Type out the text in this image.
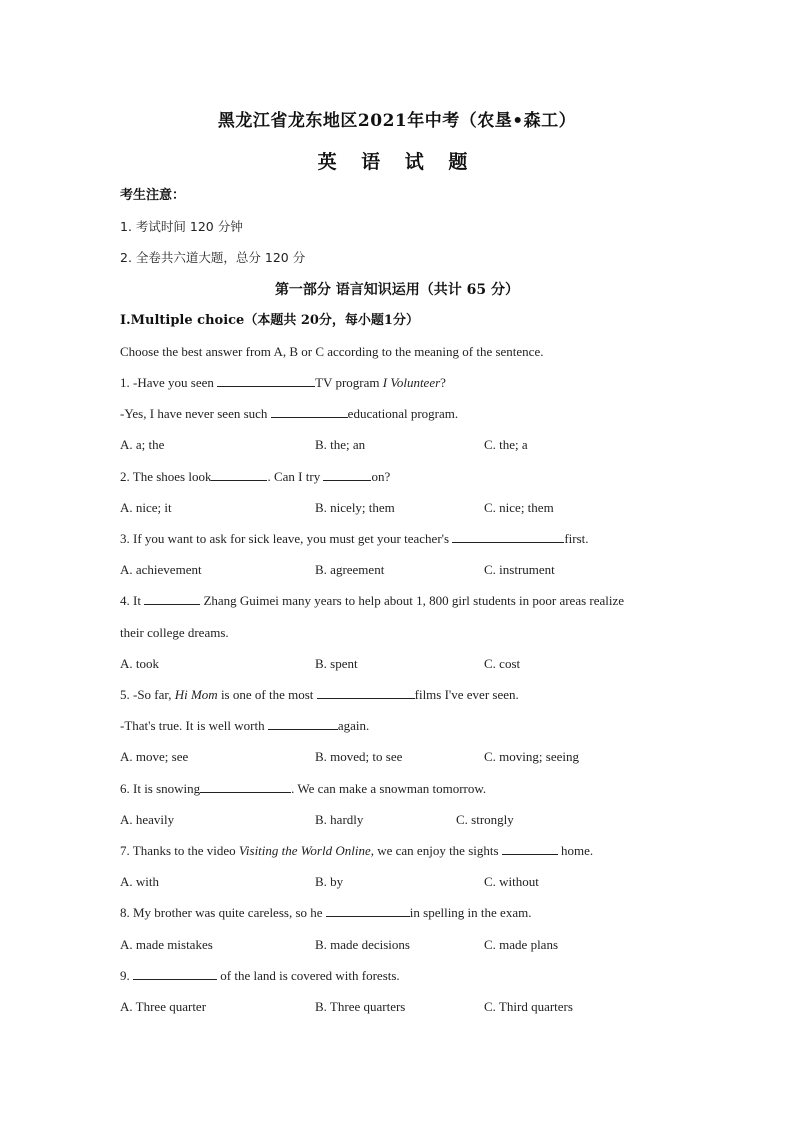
黑龙江省龙东地区2021年中考（农垦•森工）
英 语 试 题
考生注意：
1. 考试时间 120 分钟
2. 全卷共六道大题，总分 120 分
第一部分 语言知识运用（共计 65 分）
I.Multiple choice（本题共 20分，每小题1分）
Choose the best answer from A, B or C according to the meaning of the sentence.
1. -Have you seen	TV program I Volunteer?
-Yes, I have never seen such	educational program.
A. a; the	B. the; an	C. the; a
2. The shoes look	. Can I try	on?
A. nice; it	B. nicely; them	C. nice; them
3. If you want to ask for sick leave, you must get your teacher's	first.
A. achievement	B. agreement	C. instrument
4. It	Zhang Guimei many years to help about 1, 800 girl students in poor areas realize
their college dreams.
A. took	B. spent	C. cost
5. -So far, Hi Mom is one of the most	films I've ever seen.
-That's true. It is well worth	again.
A. move; see	B. moved; to see	C. moving; seeing
6. It is snowing	. We can make a snowman tomorrow.
A. heavily	B. hardly	C. strongly
7. Thanks to the video Visiting the World Online, we can enjoy the sights	home.
A. with	B. by	C. without
8. My brother was quite careless, so he	in spelling in the exam.
A. made mistakes	B. made decisions	C. made plans
9.	of the land is covered with forests.
A. Three quarter	B. Three quarters	C. Third quarters
